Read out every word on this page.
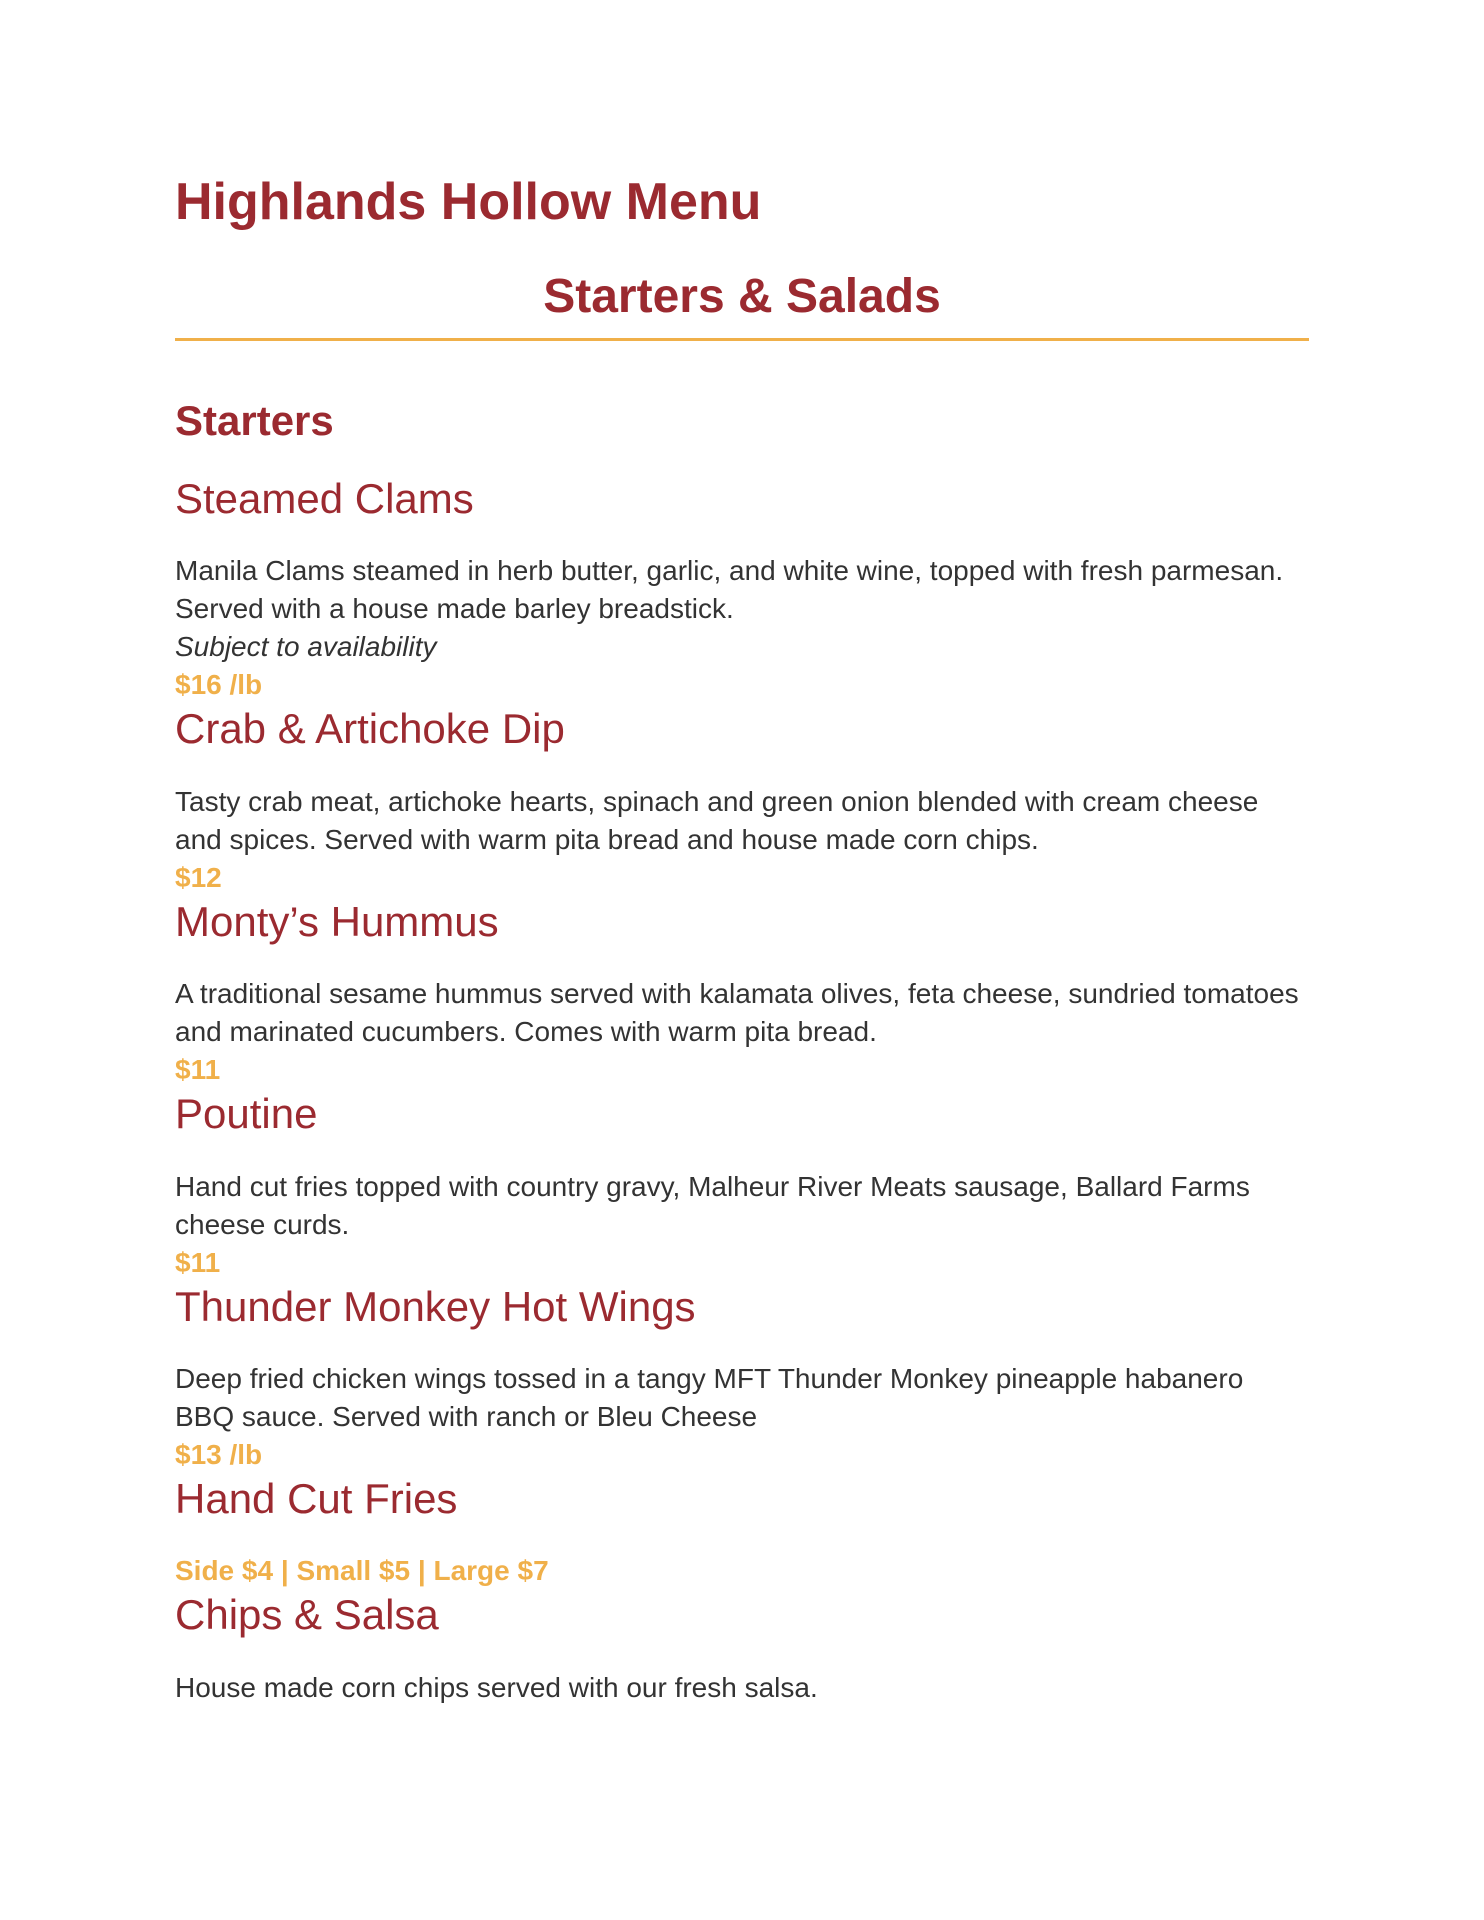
Highlands Hollow Menu
Starters & Salads
Starters
Steamed Clams

Manila Clams steamed in herb butter, garlic, and white wine, topped with fresh parmesan. Served with a house made barley breadstick.

Subject to availability

$16 /lb

Crab & Artichoke Dip

Tasty crab meat, artichoke hearts, spinach and green onion blended with cream cheese and spices. Served with warm pita bread and house made corn chips.

$12

Monty’s Hummus

A traditional sesame hummus served with kalamata olives, feta cheese, sundried tomatoes and marinated cucumbers. Comes with warm pita bread.

$11

Poutine

Hand cut fries topped with country gravy, Malheur River Meats sausage, Ballard Farms cheese curds.

$11

Thunder Monkey Hot Wings

Deep fried chicken wings tossed in a tangy MFT Thunder Monkey pineapple habanero BBQ sauce. Served with ranch or Bleu Cheese

$13 /lb

Hand Cut Fries

Side $4 | Small $5 | Large $7

Chips & Salsa

House made corn chips served with our fresh salsa.
